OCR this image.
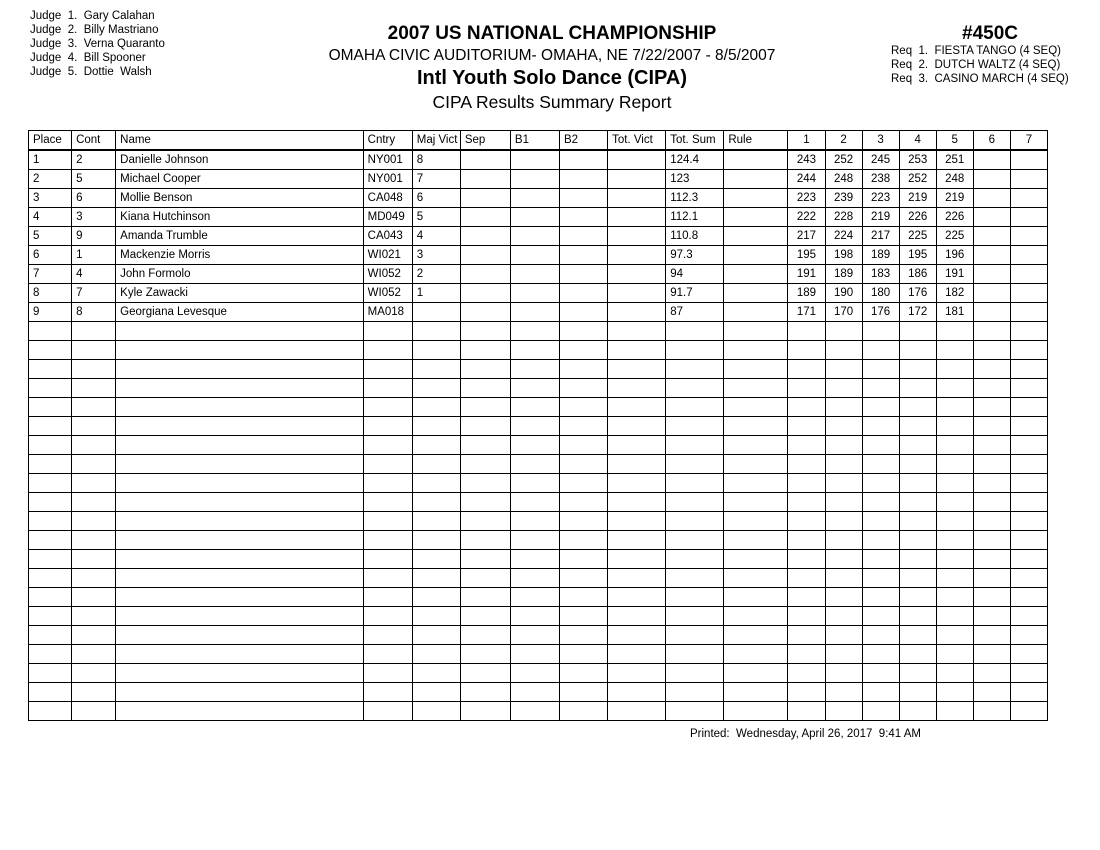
Judge  1.  Gary Calahan
Judge  2.  Billy Mastriano
Judge  3.  Verna Quaranto
Judge  4.  Bill Spooner
Judge  5.  Dottie  Walsh
2007 US NATIONAL CHAMPIONSHIP
OMAHA CIVIC AUDITORIUM- OMAHA, NE 7/22/2007 - 8/5/2007
Intl Youth Solo Dance (CIPA)
CIPA Results Summary Report
#450C
Req  1.  FIESTA TANGO (4 SEQ)
Req  2.  DUTCH WALTZ (4 SEQ)
Req  3.  CASINO MARCH (4 SEQ)
Place	Cont	Name	Cntry	Maj Vict	Sep	B1	B2	Tot. Vict	Tot. Sum	Rule	1	2	3	4	5	6	7
1	2	Danielle Johnson	NY001	8					124.4		243	252	245	253	251		
2	5	Michael Cooper	NY001	7					123		244	248	238	252	248		
3	6	Mollie Benson	CA048	6					112.3		223	239	223	219	219		
4	3	Kiana Hutchinson	MD049	5					112.1		222	228	219	226	226		
5	9	Amanda Trumble	CA043	4					110.8		217	224	217	225	225		
6	1	Mackenzie Morris	WI021	3					97.3		195	198	189	195	196		
7	4	John Formolo	WI052	2					94		191	189	183	186	191		
8	7	Kyle Zawacki	WI052	1					91.7		189	190	180	176	182		
9	8	Georgiana Levesque	MA018						87		171	170	176	172	181		

Printed:  Wednesday, April 26, 2017  9:41 AM
